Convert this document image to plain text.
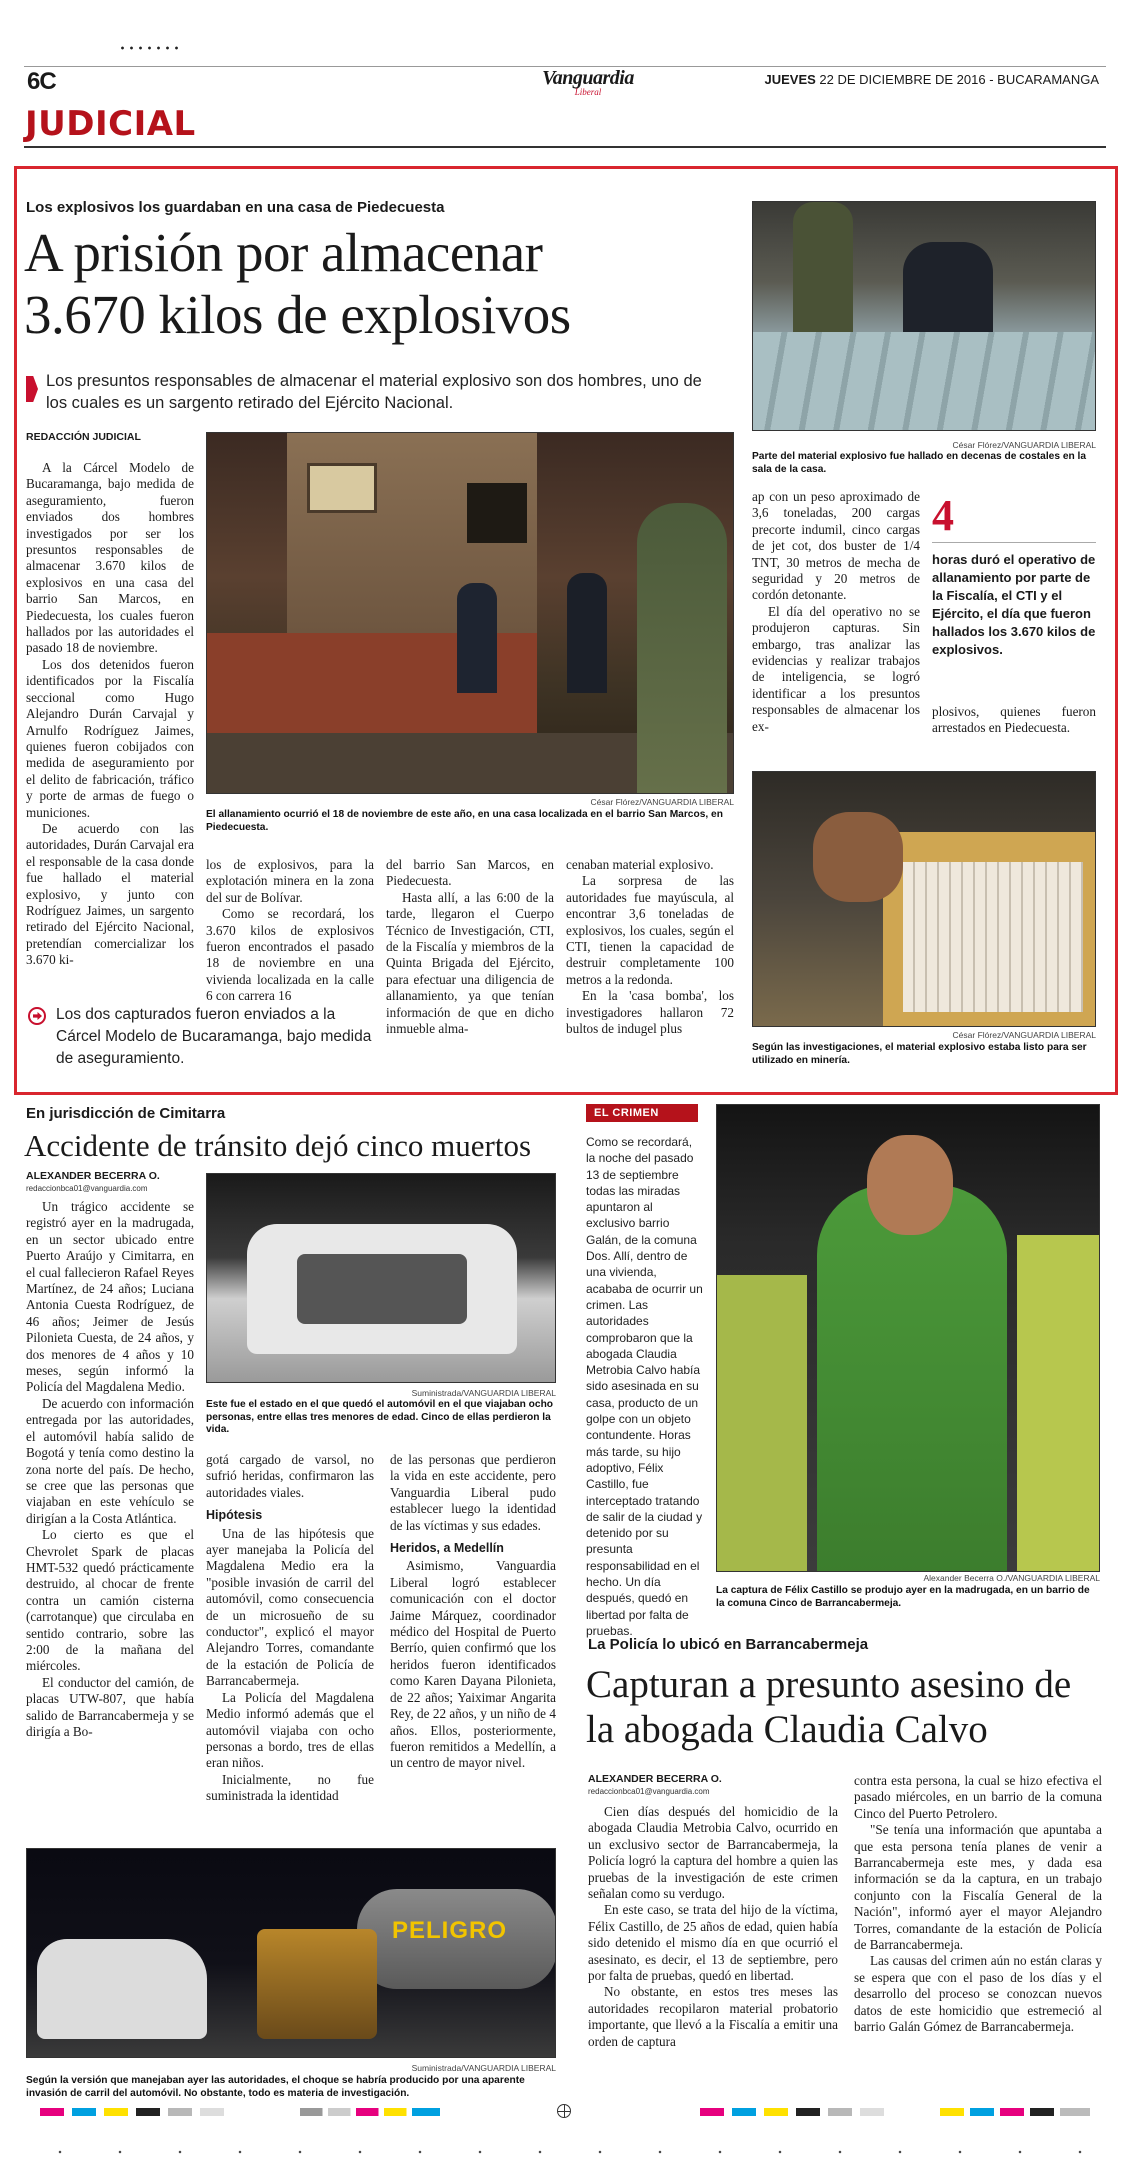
6C	Vanguardia
Liberal
JUEVES 22 DE DICIEMBRE DE 2016 - BUCARAMANGA
JUDICIAL
Los explosivos los guardaban en una casa de Piedecuesta
A prisión por almacenar
3.670 kilos de explosivos
Los presuntos responsables de almacenar el material explosivo son dos hombres, uno de los cuales es un sargento retirado del Ejército Nacional.
REDACCIÓN JUDICIAL
César Flórez/VANGUARDIA LIBERAL
El allanamiento ocurrió el 18 de noviembre de este año, en una casa localizada en el barrio San Marcos, en Piedecuesta.

A la Cárcel Modelo de Bucaramanga, bajo medida de aseguramiento, fueron enviados dos hombres investigados por ser los presuntos responsables de almacenar 3.670 kilos de explosivos en una casa del barrio San Marcos, en Piedecuesta, los cuales fueron hallados por las autoridades el pasado 18 de noviembre.

Los dos detenidos fueron identificados por la Fiscalía seccional como Hugo Alejandro Durán Carvajal y Arnulfo Rodríguez Jaimes, quienes fueron cobijados con medida de aseguramiento por el delito de fabricación, tráfico y porte de armas de fuego o municiones.

De acuerdo con las autoridades, Durán Carvajal era el responsable de la casa donde fue hallado el material explosivo, y junto con Rodríguez Jaimes, un sargento retirado del Ejército Nacional, pretendían comercializar los 3.670 ki-

los de explosivos, para la explotación minera en la zona del sur de Bolívar.

Como se recordará, los 3.670 kilos de explosivos fueron encontrados el pasado 18 de noviembre en una vivienda localizada en la calle 6 con carrera 16

del barrio San Marcos, en Piedecuesta.

Hasta allí, a las 6:00 de la tarde, llegaron el Cuerpo Técnico de Investigación, CTI, de la Fiscalía y miembros de la Quinta Brigada del Ejército, para efectuar una diligencia de allanamiento, ya que tenían información de que en dicho inmueble alma-

cenaban material explosivo.

La sorpresa de las autoridades fue mayúscula, al encontrar 3,6 toneladas de explosivos, los cuales, según el CTI, tienen la capacidad de destruir completamente 100 metros a la redonda.

En la 'casa bomba', los investigadores hallaron 72 bultos de indugel plus

Los dos capturados fueron enviados a la Cárcel Modelo de Bucaramanga, bajo medida de aseguramiento.
César Flórez/VANGUARDIA LIBERAL
Parte del material explosivo fue hallado en decenas de costales en la sala de la casa.

ap con un peso aproximado de 3,6 toneladas, 200 cargas precorte indumil, cinco cargas de jet cot, dos buster de 1/4 TNT, 30 metros de mecha de seguridad y 20 metros de cordón detonante.

El día del operativo no se produjeron capturas. Sin embargo, tras analizar las evidencias y realizar trabajos de inteligencia, se logró identificar a los presuntos responsables de almacenar los ex-

4
horas duró el operativo de allanamiento por parte de la Fiscalía, el CTI y el Ejército, el día que fueron hallados los 3.670 kilos de explosivos.

plosivos, quienes fueron arrestados en Piedecuesta.

César Flórez/VANGUARDIA LIBERAL
Según las investigaciones, el material explosivo estaba listo para ser utilizado en minería.
En jurisdicción de Cimitarra
Accidente de tránsito dejó cinco muertos
ALEXANDER BECERRA O.
redaccionbca01@vanguardia.com

Un trágico accidente se registró ayer en la madrugada, en un sector ubicado entre Puerto Araújo y Cimitarra, en el cual fallecieron Rafael Reyes Martínez, de 24 años; Luciana Antonia Cuesta Rodríguez, de 46 años; Jeimer de Jesús Pilonieta Cuesta, de 24 años, y dos menores de 4 años y 10 meses, según informó la Policía del Magdalena Medio.

De acuerdo con información entregada por las autoridades, el automóvil había salido de Bogotá y tenía como destino la zona norte del país. De hecho, se cree que las personas que viajaban en este vehículo se dirigían a la Costa Atlántica.

Lo cierto es que el Chevrolet Spark de placas HMT-532 quedó prácticamente destruido, al chocar de frente contra un camión cisterna (carrotanque) que circulaba en sentido contrario, sobre las 2:00 de la mañana del miércoles.

El conductor del camión, de placas UTW-807, que había salido de Barrancabermeja y se dirigía a Bo-

Suministrada/VANGUARDIA LIBERAL
Este fue el estado en el que quedó el automóvil en el que viajaban ocho personas, entre ellas tres menores de edad. Cinco de ellas perdieron la vida.

gotá cargado de varsol, no sufrió heridas, confirmaron las autoridades viales.

Hipótesis

Una de las hipótesis que ayer manejaba la Policía del Magdalena Medio era la "posible invasión de carril del automóvil, como consecuencia de un microsueño de su conductor", explicó el mayor Alejandro Torres, comandante de la estación de Policía de Barrancabermeja.

La Policía del Magdalena Medio informó además que el automóvil viajaba con ocho personas a bordo, tres de ellas eran niños.

Inicialmente, no fue suministrada la identidad

de las personas que perdieron la vida en este accidente, pero Vanguardia Liberal pudo establecer luego la identidad de las víctimas y sus edades.

Heridos, a Medellín

Asimismo, Vanguardia Liberal logró establecer comunicación con el doctor Jaime Márquez, coordinador médico del Hospital de Puerto Berrío, quien confirmó que los heridos fueron identificados como Karen Dayana Pilonieta, de 22 años; Yaiximar Angarita Rey, de 22 años, y un niño de 4 años. Ellos, posteriormente, fueron remitidos a Medellín, a un centro de mayor nivel.

PELIGRO
Suministrada/VANGUARDIA LIBERAL
Según la versión que manejaban ayer las autoridades, el choque se habría producido por una aparente invasión de carril del automóvil. No obstante, todo es materia de investigación.
EL CRIMEN
Como se recordará, la noche del pasado 13 de septiembre todas las miradas apuntaron al exclusivo barrio Galán, de la comuna Dos. Allí, dentro de una vivienda, acababa de ocurrir un crimen. Las autoridades comprobaron que la abogada Claudia Metrobia Calvo había sido asesinada en su casa, producto de un golpe con un objeto contundente. Horas más tarde, su hijo adoptivo, Félix Castillo, fue interceptado tratando de salir de la ciudad y detenido por su presunta responsabilidad en el hecho. Un día después, quedó en libertad por falta de pruebas.
Alexander Becerra O./VANGUARDIA LIBERAL
La captura de Félix Castillo se produjo ayer en la madrugada, en un barrio de la comuna Cinco de Barrancabermeja.
La Policía lo ubicó en Barrancabermeja
Capturan a presunto asesino de la abogada Claudia Calvo
ALEXANDER BECERRA O.
redaccionbca01@vanguardia.com

Cien días después del homicidio de la abogada Claudia Metrobia Calvo, ocurrido en un exclusivo sector de Barrancabermeja, la Policía logró la captura del hombre a quien las pruebas de la investigación de este crimen señalan como su verdugo.

En este caso, se trata del hijo de la víctima, Félix Castillo, de 25 años de edad, quien había sido detenido el mismo día en que ocurrió el asesinato, es decir, el 13 de septiembre, pero por falta de pruebas, quedó en libertad.

No obstante, en estos tres meses las autoridades recopilaron material probatorio importante, que llevó a la Fiscalía a emitir una orden de captura

contra esta persona, la cual se hizo efectiva el pasado miércoles, en un barrio de la comuna Cinco del Puerto Petrolero.

"Se tenía una información que apuntaba a que esta persona tenía planes de venir a Barrancabermeja este mes, y dada esa información se da la captura, en un trabajo conjunto con la Fiscalía General de la Nación", informó ayer el mayor Alejandro Torres, comandante de la estación de Policía de Barrancabermeja.

Las causas del crimen aún no están claras y se espera que con el paso de los días y el desarrollo del proceso se conozcan nuevos datos de este homicidio que estremeció al barrio Galán Gómez de Barrancabermeja.
